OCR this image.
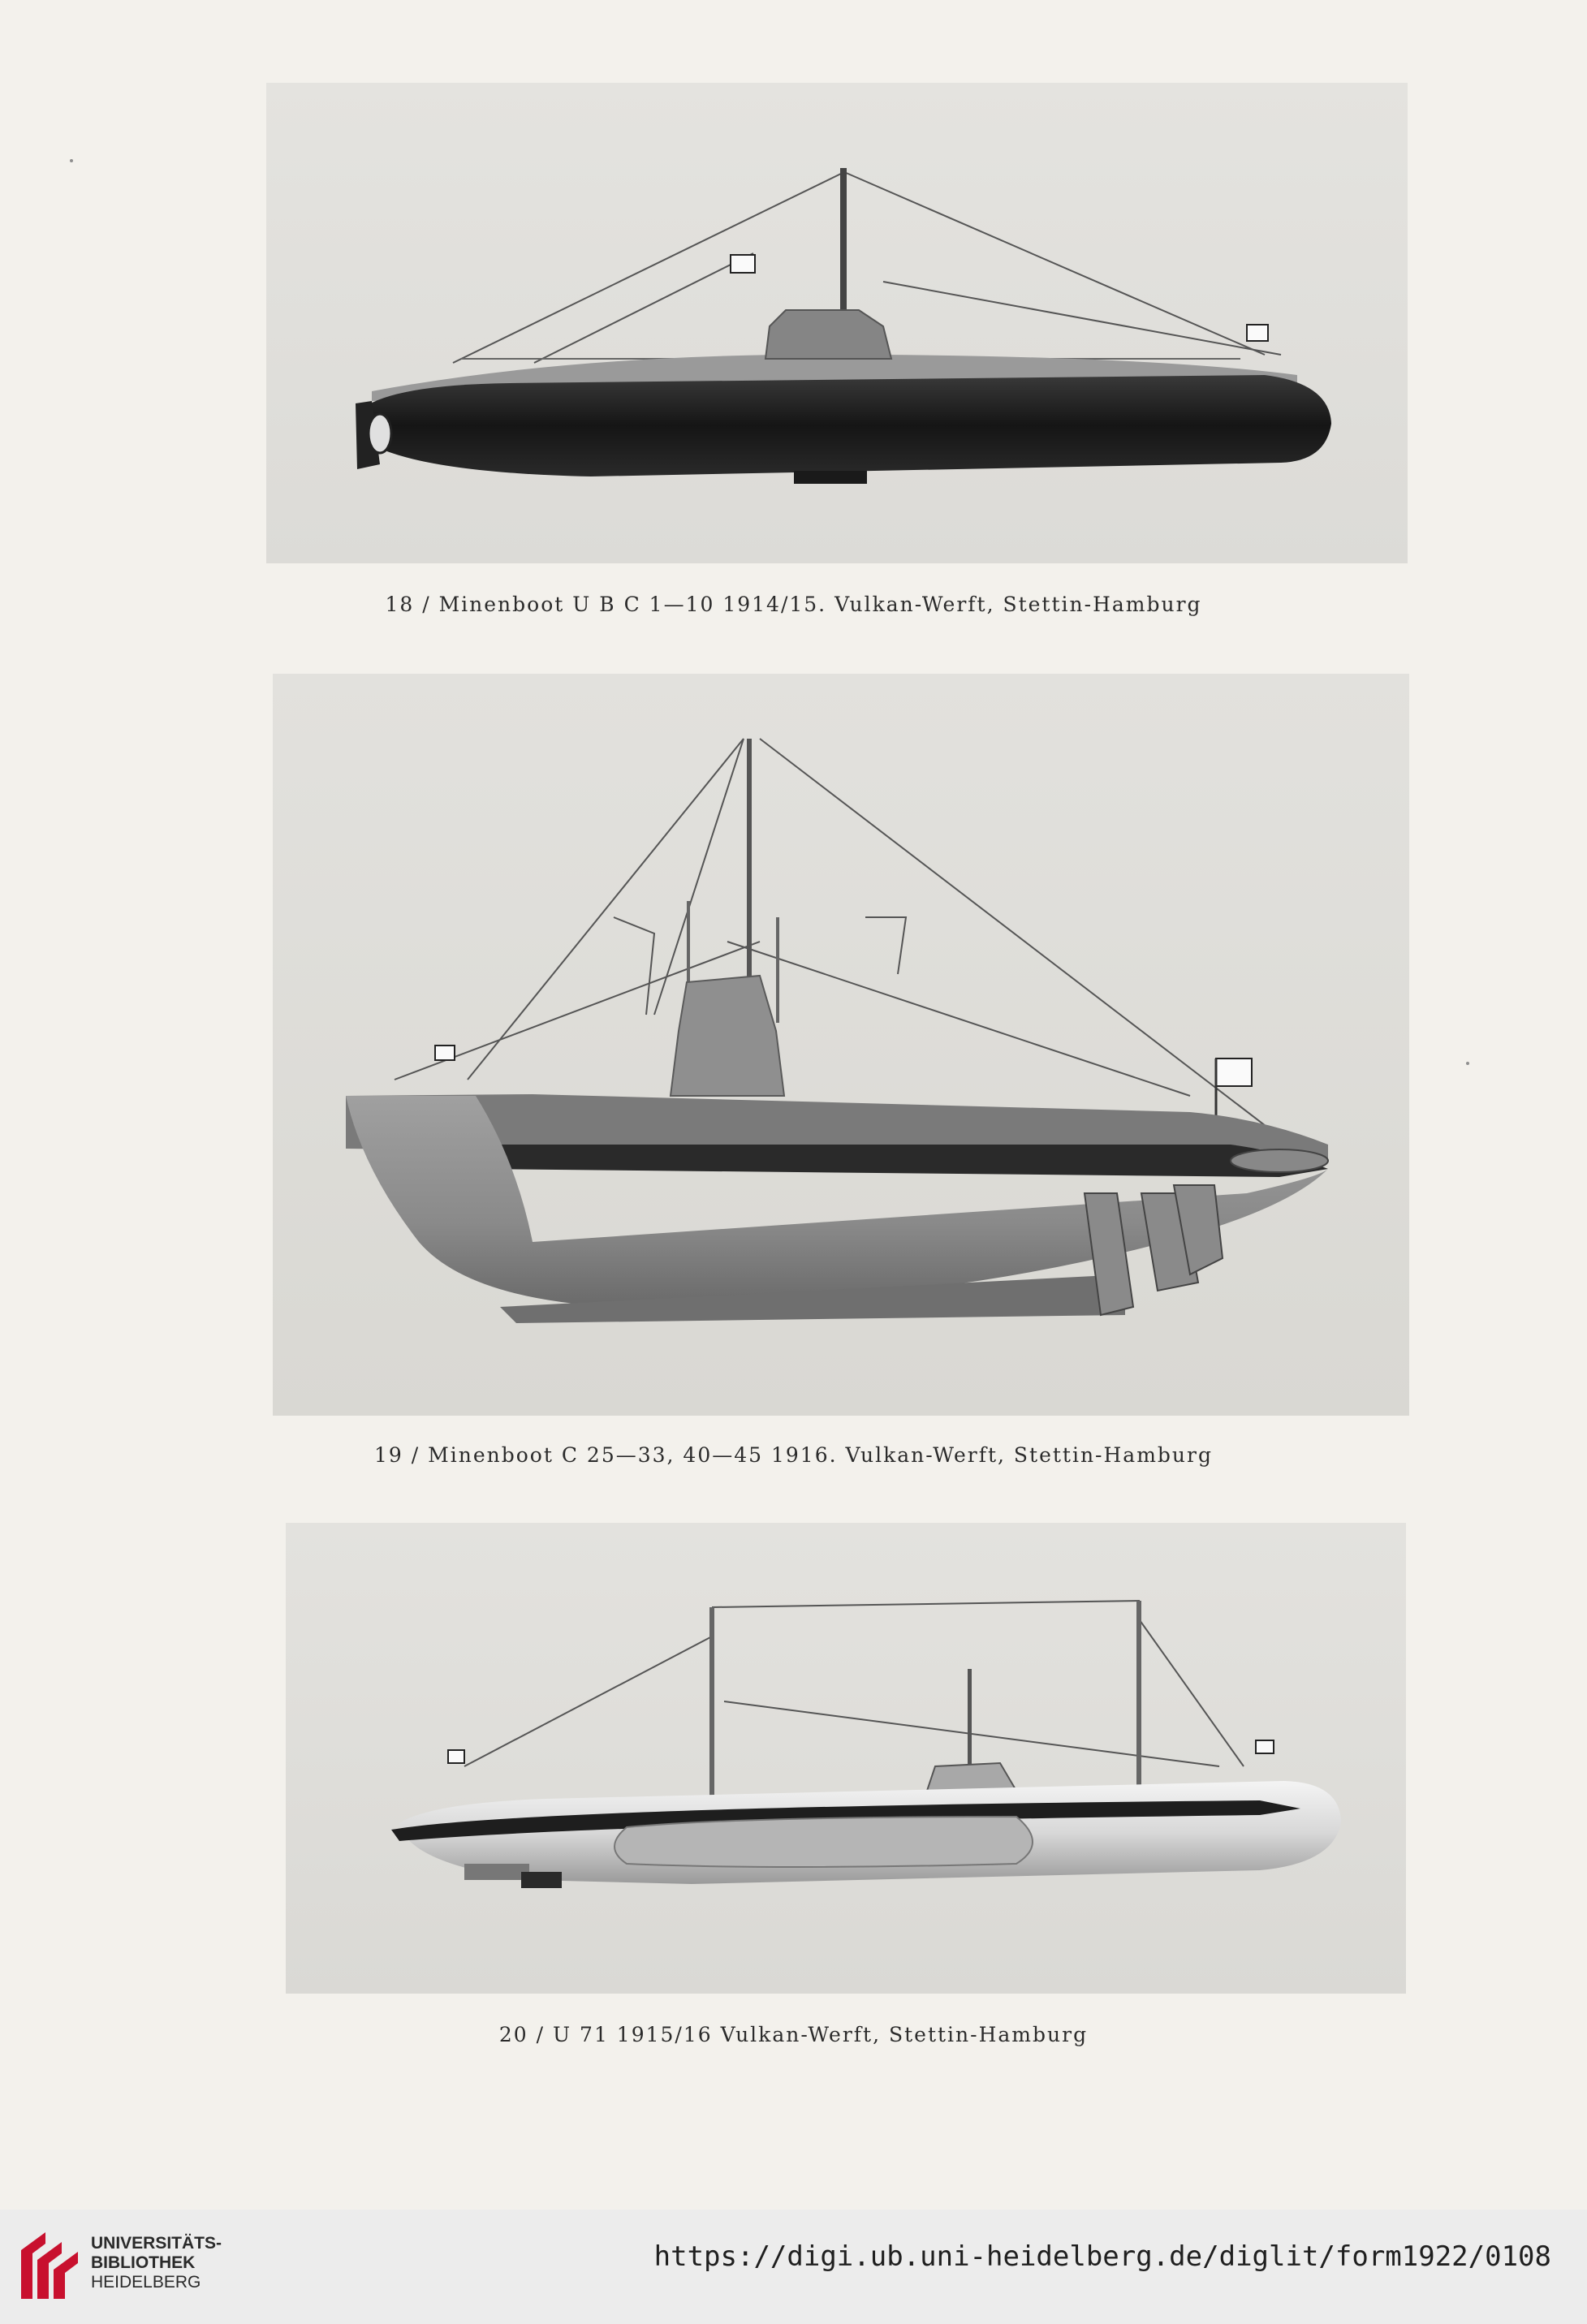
18 / Minenboot U B C 1—10 1914/15. Vulkan-Werft, Stettin-Hamburg
19 / Minenboot C 25—33, 40—45 1916. Vulkan-Werft, Stettin-Hamburg
20 / U 71 1915/16 Vulkan-Werft, Stettin-Hamburg
UNIVERSITÄTS-
BIBLIOTHEK
HEIDELBERG
https://digi.ub.uni-heidelberg.de/diglit/form1922/0108
